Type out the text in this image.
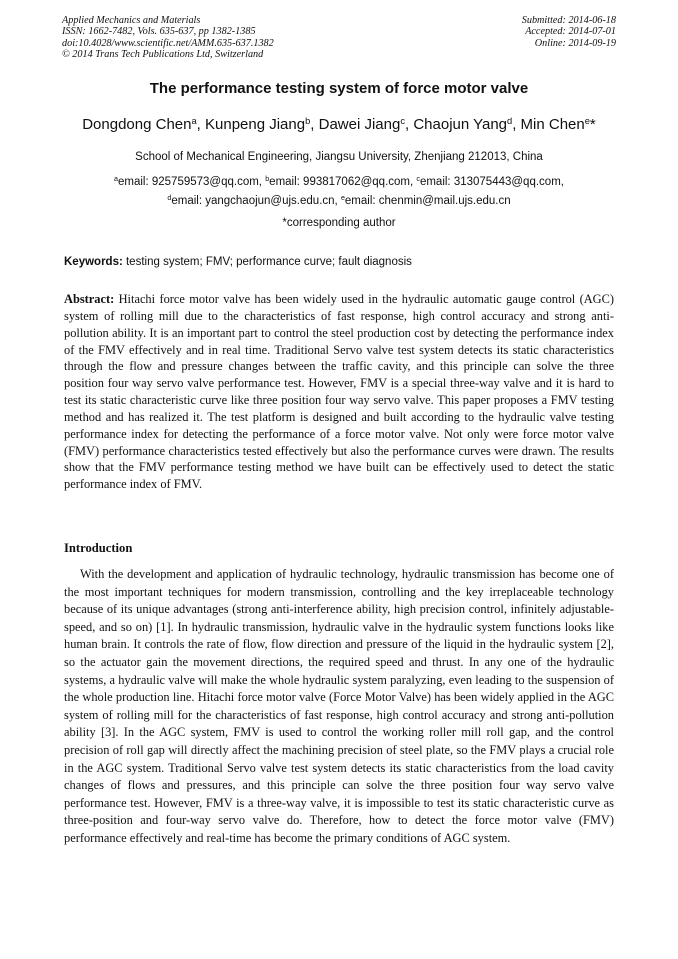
Applied Mechanics and Materials
ISSN: 1662-7482, Vols. 635-637, pp 1382-1385
doi:10.4028/www.scientific.net/AMM.635-637.1382
© 2014 Trans Tech Publications Ltd, Switzerland
Submitted: 2014-06-18
Accepted: 2014-07-01
Online: 2014-09-19
The performance testing system of force motor valve
Dongdong Chen$^a$, Kunpeng Jiang$^b$, Dawei Jiang$^c$, Chaojun Yang$^d$, Min Chen$^e$*
School of Mechanical Engineering, Jiangsu University, Zhenjiang 212013, China
$^a$email: 925759573@qq.com, $^b$email: 993817062@qq.com, $^c$email: 313075443@qq.com,
$^d$email: yangchaojun@ujs.edu.cn, $^e$email: chenmin@mail.ujs.edu.cn
*corresponding author
Keywords: testing system; FMV; performance curve; fault diagnosis

Abstract: Hitachi force motor valve has been widely used in the hydraulic automatic gauge control (AGC) system of rolling mill due to the characteristics of fast response, high control accuracy and strong anti-pollution ability. It is an important part to control the steel production cost by detecting the performance index of the FMV effectively and in real time. Traditional Servo valve test system detects its static characteristics through the flow and pressure changes between the traffic cavity, and this principle can solve the three position four way servo valve performance test. However, FMV is a special three-way valve and it is hard to test its static characteristic curve like three position four way servo valve. This paper proposes a FMV testing method and has realized it. The test platform is designed and built according to the hydraulic valve testing performance index for detecting the performance of a force motor valve. Not only were force motor valve (FMV) performance characteristics tested effectively but also the performance curves were drawn. The results show that the FMV performance testing method we have built can be effectively used to detect the static performance index of FMV.

Introduction

With the development and application of hydraulic technology, hydraulic transmission has become one of the most important techniques for modern transmission, controlling and the key irreplaceable technology because of its unique advantages (strong anti-interference ability, high precision control, infinitely adjustable-speed, and so on) [1]. In hydraulic transmission, hydraulic valve in the hydraulic system functions looks like human brain. It controls the rate of flow, flow direction and pressure of the liquid in the hydraulic system [2], so the actuator gain the movement directions, the required speed and thrust. In any one of the hydraulic systems, a hydraulic valve will make the whole hydraulic system paralyzing, even leading to the suspension of the whole production line. Hitachi force motor valve (Force Motor Valve) has been widely applied in the AGC system of rolling mill for the characteristics of fast response, high control accuracy and strong anti-pollution ability [3]. In the AGC system, FMV is used to control the working roller mill roll gap, and the control precision of roll gap will directly affect the machining precision of steel plate, so the FMV plays a crucial role in the AGC system. Traditional Servo valve test system detects its static characteristics from the load cavity changes of flows and pressures, and this principle can solve the three position four way servo valve performance test. However, FMV is a three-way valve, it is impossible to test its static characteristic curve as three-position and four-way servo valve do. Therefore, how to detect the force motor valve (FMV) performance effectively and real-time has become the primary conditions of AGC system.
